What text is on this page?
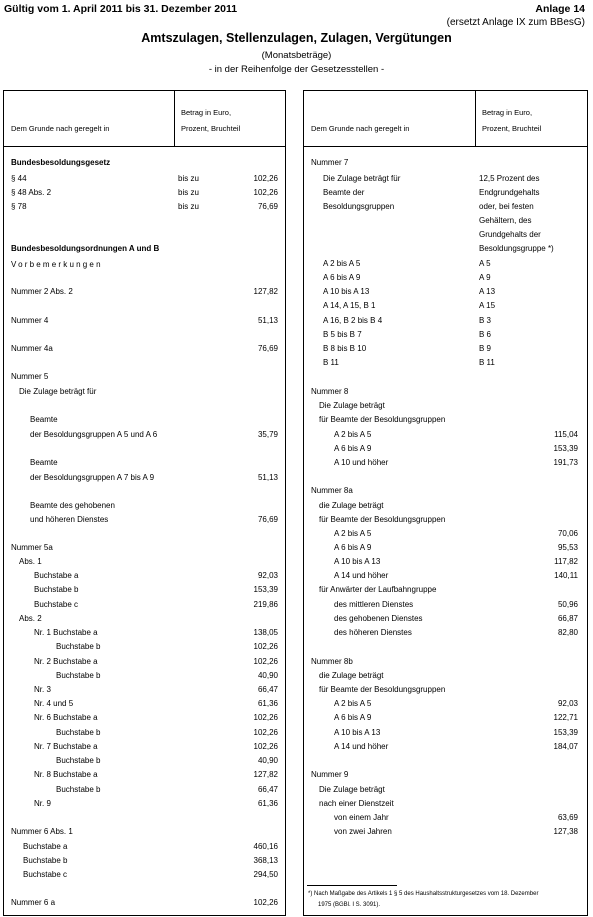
Gültig vom 1. April 2011 bis 31. Dezember 2011	Anlage 14
(ersetzt Anlage IX zum BBesG)
Amtszulagen, Stellenzulagen, Zulagen, Vergütungen
(Monatsbeträge)
- in der Reihenfolge der Gesetzesstellen -
Dem Grunde nach geregelt in
Betrag in Euro,
Prozent, Bruchteil
Bundesbesoldungsgesetz
§ 44	bis zu	102,26
§ 48 Abs. 2	bis zu	102,26
§ 78	bis zu	76,69
Bundesbesoldungsordnungen A und B
Vorbemerkungen
Nummer 2 Abs. 2	127,82
Nummer 4	51,13
Nummer 4a	76,69
Nummer 5
Die Zulage beträgt für
Beamte
der Besoldungsgruppen A 5 und A 6	35,79
Beamte
der Besoldungsgruppen A 7 bis A 9	51,13
Beamte des gehobenen
und höheren Dienstes	76,69
Nummer 5a
Abs. 1
Buchstabe a	92,03
Buchstabe b	153,39
Buchstabe c	219,86
Abs. 2
Nr. 1 Buchstabe a	138,05
Buchstabe b	102,26
Nr. 2 Buchstabe a	102,26
Buchstabe b	40,90
Nr. 3	66,47
Nr. 4 und 5	61,36
Nr. 6 Buchstabe a	102,26
Buchstabe b	102,26
Nr. 7 Buchstabe a	102,26
Buchstabe b	40,90
Nr. 8 Buchstabe a	127,82
Buchstabe b	66,47
Nr. 9	61,36
Nummer 6 Abs. 1
Buchstabe a	460,16
Buchstabe b	368,13
Buchstabe c	294,50
Nummer 6 a	102,26
Dem Grunde nach geregelt in
Betrag in Euro,
Prozent, Bruchteil
Nummer 7
Die Zulage beträgt für	12,5 Prozent des
Beamte der	Endgrundgehalts
Besoldungsgruppen	oder, bei festen
Gehältern, des
Grundgehalts der
Besoldungsgruppe *)
A 2 bis A 5	A 5
A 6 bis A 9	A 9
A 10 bis A 13	A 13
A 14, A 15, B 1	A 15
A 16, B 2 bis B 4	B 3
B 5 bis B 7	B 6
B 8 bis B 10	B 9
B 11	B 11
Nummer 8
Die Zulage beträgt
für Beamte der Besoldungsgruppen
A 2 bis A 5	115,04
A 6 bis A 9	153,39
A 10 und höher	191,73
Nummer 8a
die Zulage beträgt
für Beamte der Besoldungsgruppen
A 2 bis A 5	70,06
A 6 bis A 9	95,53
A 10 bis A 13	117,82
A 14 und höher	140,11
für Anwärter der Laufbahngruppe
des mittleren Dienstes	50,96
des gehobenen Dienstes	66,87
des höheren Dienstes	82,80
Nummer 8b
die Zulage beträgt
für Beamte der Besoldungsgruppen
A 2 bis A 5	92,03
A 6 bis A 9	122,71
A 10 bis A 13	153,39
A 14 und höher	184,07
Nummer 9
Die Zulage beträgt
nach einer Dienstzeit
von einem Jahr	63,69
von zwei Jahren	127,38
*) Nach Maßgabe des Artikels 1 § 5 des Haushaltsstrukturgesetzes vom 18. Dezember
1975 (BGBl. I S. 3091).
